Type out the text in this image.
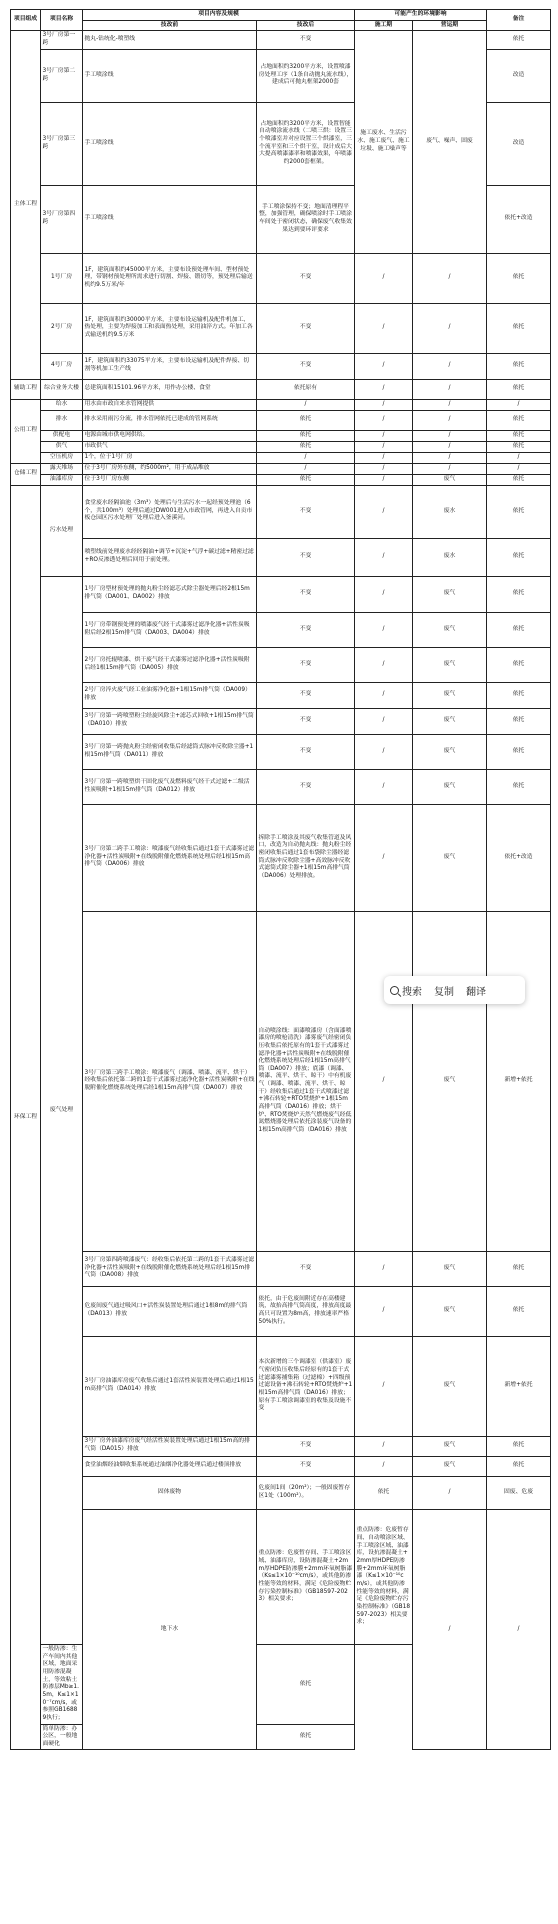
项目组成	项目名称	项目内容及规模		可能产生的环境影响		备注	
		技改前	技改后	施工期	营运期		
主体工程	3号厂房第一跨	抛丸-钻统化-喷塑线	不变	施工废水、生活污水、施工废气、施工垃圾、施工噪声等	废气、噪声、固废	依托	
	3号厂房第二跨	手工喷涂线	占地面积约3200平方米，设置喷漆房处理工序（1条自动抛丸流水线），建成后可抛丸框架2000套			改造	
	3号厂房第三跨	手工喷涂线	占地面积约3200平方米，设置智能自动喷涂流水线（二喷三烘：设置三个喷漆室并对应设置三个烘漆室，三个流平室和三个烘干室，设计成后大大提高喷漆漆率和喷漆效果，年喷漆约2000套框架。			改造	
	3号厂房第四跨	手工喷涂线	手工喷涂保持不变；地面清理程平整，加强管理，确保喷涂时手工喷涂车间处于密闭状态，确保废气收集效果达到要环评要求			依托+改造	
	1号厂房	1F，建筑面积约45000平方米，主要布设预处理车间、型材预处理，带钢材预处理所需求进行切割、焊接、锻切等，预处理后输送机约9.5万米/年	不变	/	/	依托	
	2号厂房	1F，建筑面积约30000平方米，主要布设运输机及配件机加工、热处理，主要为焊接加工和表面热处理，采用油淬方式。年加工各式输送机约9.5万米	不变	/	/	依托	
	4号厂房	1F，建筑面积约33075平方米，主要布设运输机及配件焊接、切割等机加工生产线	不变	/	/	依托	
辅助工程	综合业务大楼	总建筑面积15101.96平方米，用作办公楼、食堂	依托原有	/	/	依托	
公用工程	给水	用水由市政自来水管网提供	/	/	/	/	
	排水	排水采用雨污分流，排水管网依托已建成的管网系统	依托	/	/	依托	
	供配电	电源由城市供电网供给。	依托	/	/	依托	
	供气	市政供气	依托	/	/	依托	
	空压机房	1个，位于1号厂房	/	/	/	/	
仓储工程	露天堆场	位于3号厂房外东侧，约5000m²，用于成品堆放	/	/	/	/	
	油漆库房	位于3号厂房东侧	依托	/	废气	依托	
环保工程	污水处理	食堂废水经隔油池（3m³）处理后与生活污水一起经预处理池（6个，共100m³）处理后通过DW001进入市政管网，再进入自贡市板仓园区污水处理厂处理后进入釜溪河。	不变	/	废水	依托	
		喷塑线前处理废水经经隔油+调节+沉淀+气浮+碳过滤+精密过滤+RO反渗透处理后回用于前处理。	不变	/	废水	依托	
	废气处理	1号厂房型材预处理的抛丸粉尘经滤芯式除尘器处理后经2根15m排气筒（DA001、DA002）排放	不变	/	废气	依托	
		1号厂房带钢预处理的喷漆废气经干式漆雾过滤净化器+活性炭吸附后经2根15m排气筒（DA003、DA004）排放	不变	/	废气	依托	
		2号厂房托辊喷漆、烘干废气经干式漆雾过滤净化器+活性炭吸附后经1根15m排气筒（DA005）排放	不变	/	废气	依托	
		2号厂房淬火废气经工业油雾净化器+1根15m排气筒（DA009）排放	不变	/	废气	依托	
		3号厂房第一跨喷塑粉尘经旋风除尘+滤芯式回收+1根15m排气筒（DA010）排放	不变	/	废气	依托	
		3号厂房第一跨抛丸粉尘经密闭收集后经滤筒式脉冲反吹除尘器+1根15m排气筒（DA011）排放	不变	/	废气	依托	
		3号厂房第一跨喷塑烘干固化废气及燃料废气经干式过滤+二级活性炭吸附+1根15m排气筒（DA012）排放	不变	/	废气	依托	
		3号厂房第二跨手工喷涂：喷漆废气经收集后通过1套干式漆雾过滤净化器+活性炭吸附+在线脱附催化燃烧系统处理后经1根15m高排气筒（DA006）排放	拆除手工喷涂及其废气收集管道及风口，改造为自动抛丸线：抛丸粉尘经密闭收集后通过1套布袋除尘器经滤筒式脉冲反吹除尘器+高效脉冲反吹式滤筒式除尘器+1根15m高排气筒（DA006）处理排放。	/	废气	依托+改造	
		3号厂房第三跨手工喷涂：喷漆废气（调漆、喷漆、流平、烘干）经收集后依托第二跨的1套干式漆雾过滤净化器+活性炭吸附+在线脱附催化燃烧系统处理后经1根15m高排气筒（DA007）排放	自动喷涂线：面漆喷漆房（含面漆喷漆房的喷枪清洗）漆雾废气经密闭负压收集后依托原有的1套干式漆雾过滤净化器+活性炭吸附+在线脱附催化燃烧系统处理后经1根15m高排气筒（DA007）排放；底漆（调漆、喷漆、流平、烘干、晾干）中有机废气（调漆、喷漆、流平、烘干、晾干）经收集后通过1套干式喷漆过滤+沸石转轮+RTO焚烧炉+1根15m高排气筒（DA016）排放；烘干炉、RTO焚烧炉天然气燃烧废气经低氮燃烧器处理后依托涂装废气设备的1根15m高排气筒（DA016）排放	/	废气	新增+依托	
		3号厂房第四跨喷漆废气：经收集后依托第二跨的1套干式漆雾过滤净化器+活性炭吸附+在线脱附催化燃烧系统处理后经1根15m排气筒（DA008）排放	不变	/	废气	依托	
		危废间废气通过吸风口+活性炭装置处理后通过1根8m的排气筒（DA013）排放	依托，由于危废间附近存在高楼建筑，故抬高排气筒高度，排放高度最高只可设置为8m高，排放速率严格50%执行。	/	废气	依托	
		3号厂房油漆库房废气收集后通过1套活性炭装置处理后通过1根15m高排气筒（DA014）排放	本次新增的三个调漆室（供漆室）废气密闭负压收集后经原有的1套干式过滤漆雾捕集箱（过滤棉）+四级预过滤设备+沸石转轮+RTO焚烧炉+1根15m高排气筒（DA016）排放；原有手工喷涂调漆室的收集及设施不变	/	废气	新增+依托	
		3号厂房外油漆库房废气经活性炭装置处理后通过1根15m高的排气筒（DA015）排放	不变	/	废气	依托	
		食堂油烟经油烟收集系统通过油烟净化器处理后通过楼顶排放	不变	/	废气	依托	
		固体废物	危废间1间（20m²）；一般固废暂存区1处（100m²）。	依托	/	固废、危废	
		地下水	重点防渗：危废暂存间、手工喷涂区域、油漆库房，设防渗混凝土+2mm厚HDPE防渗膜+2mm环氧树脂漆（Ks≤1×10⁻¹⁰cm/s），或其他防渗性能等效的材料，满足《危险废物贮存污染控制标准》（GB18597-2023）相关要求；	重点防渗：危废暂存间、自动喷涂区域、手工喷涂区域、油漆库，设抗渗混凝土+2mm厚HDPE防渗膜+2mm环氧树脂漆（K≤1×10⁻¹⁰cm/s），或其他防渗性能等效的材料，满足《危险废物贮存污染控制标准》（GB18597-2023）相关要求；	/	/	
	一般防渗：生产车间内其他区域，地面采用防渗混凝土，等效粘土防渗层Mb≥1.5m，K≤1×10⁻⁷cm/s，或参照GB16889执行；		依托				
	简单防渗：办公区，一般地面硬化		依托				
搜索	复制	翻译
